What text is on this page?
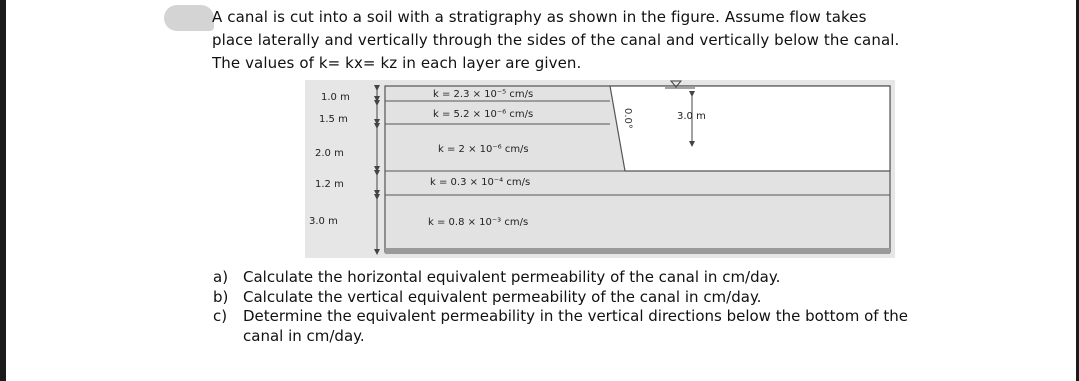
A canal is cut into a soil with a stratigraphy as shown in the figure. Assume flow takes
place laterally and vertically through the sides of the canal and vertically below the canal.
The values of k= kx= kz in each layer are given.
3.0 m
0.0°
1.0 m
1.5 m
2.0 m
1.2 m
3.0 m
k = 2.3 × 10⁻⁵ cm/s
k = 5.2 × 10⁻⁶ cm/s
k = 2 × 10⁻⁶ cm/s
k = 0.3 × 10⁻⁴ cm/s
k = 0.8 × 10⁻³ cm/s
a) Calculate the horizontal equivalent permeability of the canal in cm/day.
b) Calculate the vertical equivalent permeability of the canal in cm/day.
c)	Determine the equivalent permeability in the vertical directions below the bottom of the canal in cm/day.
